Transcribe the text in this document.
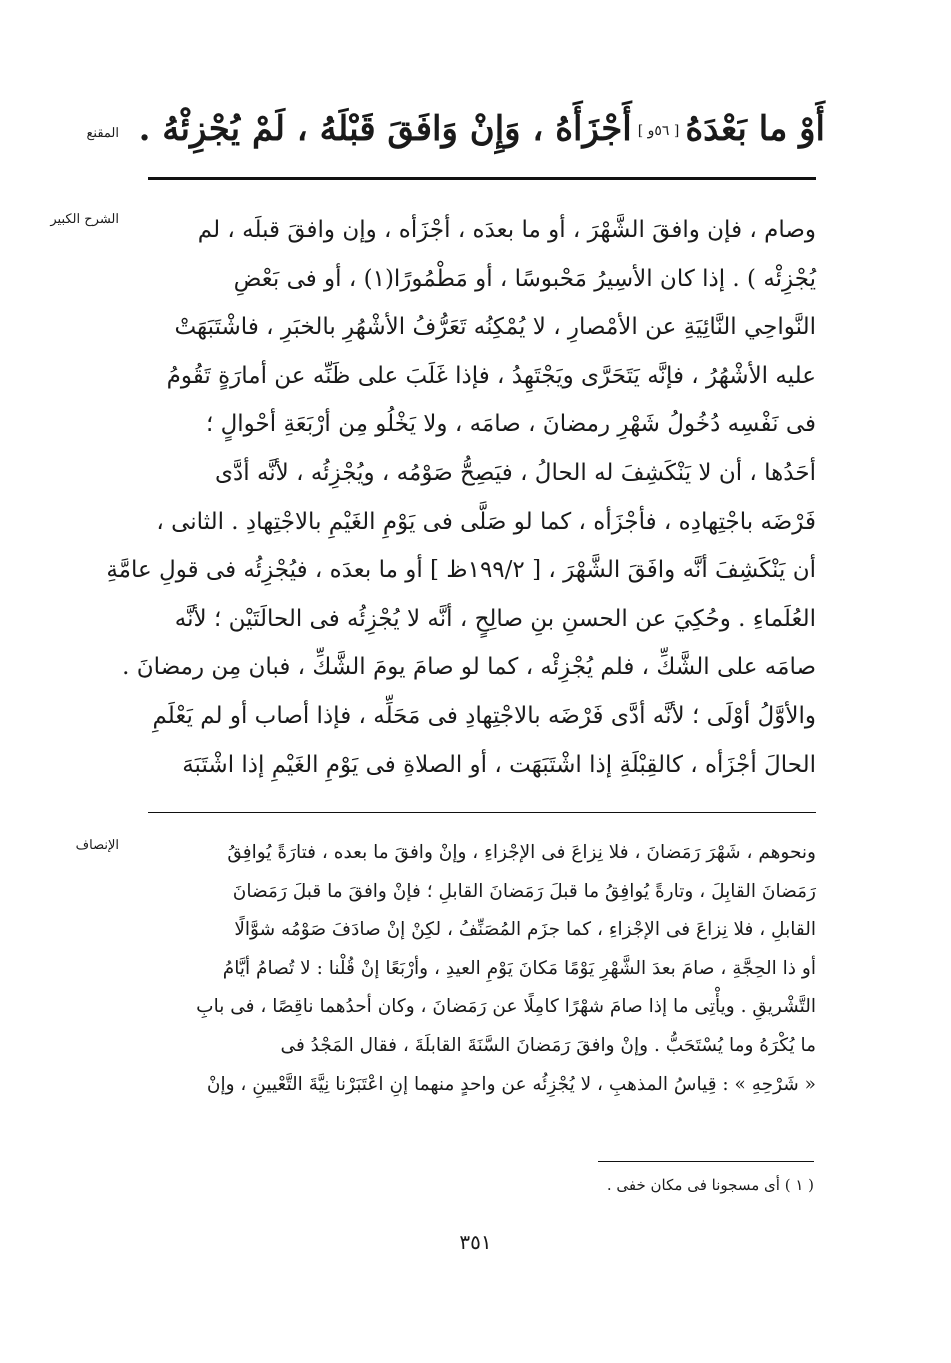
المقنع	أَوْ ما بَعْدَهُ[ ٥٦و ]أَجْزَأَهُ ، وَإِنْ وَافَقَ قَبْلَهُ ، لَمْ يُجْزِئْهُ .
الشرح الكبير	وصام ، فإن وافقَ الشَّهْرَ ، أو ما بعدَه ، أجْزَأه ، وإن وافقَ قبلَه ، لم
يُجْزِئْه ) . إذا كان الأسِيرُ مَحْبوسًا ، أو مَطْمُورًا(١) ، أو فى بَعْضِ
النَّواحِي النَّائِيَةِ عن الأمْصارِ ، لا يُمْكِنُه تَعَرُّفُ الأشْهُرِ بالخبَرِ ، فاشْتَبَهَتْ
عليه الأشْهُرُ ، فإنَّه يَتَحَرَّى ويَجْتَهِدُ ، فإذا غَلَبَ على ظَنِّه عن أمارَةٍ تَقُومُ
فى نَفْسِه دُخُولُ شَهْرِ رمضانَ ، صامَه ، ولا يَخْلُو مِن أرْبَعَةِ أحْوالٍ ؛
أحَدُها ، أن لا يَنْكَشِفَ له الحالُ ، فيَصِحُّ صَوْمُه ، ويُجْزِئُه ، لأنَّه أدَّى
فَرْضَه باجْتِهادِه ، فأجْزَأه ، كما لو صَلَّى فى يَوْمِ الغَيْمِ بالاجْتِهادِ . الثانى ،
أن يَنْكَشِفَ أنَّه وافَقَ الشَّهْرَ ، [ ١٩٩/٢ظ ] أو ما بعدَه ، فيُجْزِئُه فى قولِ عامَّةِ
العُلَماءِ . وحُكِيَ عن الحسنِ بنِ صالِحٍ ، أنَّه لا يُجْزِئُه فى الحالَتَيْن ؛ لأنَّه
صامَه على الشَّكِّ ، فلم يُجْزِئْه ، كما لو صامَ يومَ الشَّكِّ ، فبان مِن رمضانَ .
والأوَّلُ أوْلَى ؛ لأنَّه أدَّى فَرْضَه بالاجْتِهادِ فى مَحَلِّه ، فإذا أصاب أو لم يَعْلَمِ
الحالَ أجْزَأه ، كالقِبْلَةِ إذا اشْتَبَهَت ، أو الصلاةِ فى يَوْمِ الغَيْمِ إذا اشْتَبَهَ
الإنصاف	ونحوهم ، شَهْرَ رَمَضانَ ، فلا نِزاعَ فى الإجْزاءِ ، وإنْ وافقَ ما بعده ، فتارَةً يُوافِقُ
رَمَضانَ القابِلَ ، وتارةً يُوافِقُ ما قبلَ رَمَضانَ القابلِ ؛ فإنْ وافقَ ما قبلَ رَمَضانَ
القابلِ ، فلا نِزاعَ فى الإجْزاءِ ، كما جزَم المُصَنِّفُ ، لكِنْ إنْ صادَفَ صَوْمُه شوَّالًا
أو ذا الحِجَّةِ ، صامَ بعدَ الشَّهْرِ يَوْمًا مَكانَ يَوْمِ العيدِ ، وأرْبَعًا إنْ قُلْنا : لا تُصامُ أيَّامُ
التَّشْريقِ . ويأْتِى ما إذا صامَ شهْرًا كامِلًا عن رَمَضانَ ، وكان أحدُهما ناقِصًا ، فى بابِ
ما يُكْرَهُ وما يُسْتَحَبُّ . وإنْ وافقَ رَمَضانَ السَّنَةَ القابلَةَ ، فقال المَجْدُ فى
« شَرْحِهِ » : قِياسُ المذهبِ ، لا يُجْزِئُه عن واحدٍ منهما إنِ اعْتَبَرْنا نِيَّةَ التَّعْيينِ ، وإنْ
( ١ ) أى مسجونا فى مكان خفى .
٣٥١
